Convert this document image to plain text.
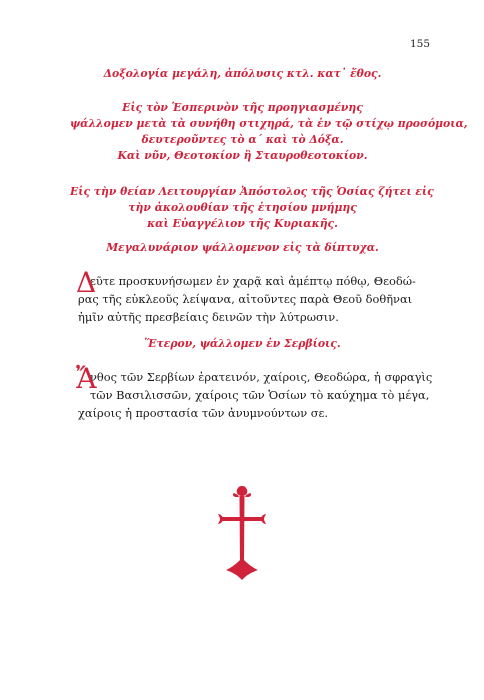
155
Δοξολογία μεγάλη, ἀπόλυσις κτλ. κατ᾿ ἔθος.
Εἰς τὸν Ἑσπερινὸν τῆς προηγιασμένης
ψάλλομεν μετὰ τὰ συνήθη στιχηρά, τὰ ἐν τῷ στίχῳ προσόμοια,
δευτεροῦντες τὸ α´ καὶ τὸ Δόξα.
Καὶ νῦν, Θεοτοκίον ἢ Σταυροθεοτοκίον.
Εἰς τὴν θείαν Λειτουργίαν Ἀπόστολος τῆς Ὁσίας ζήτει εἰς
τὴν ἀκολουθίαν τῆς ἐτησίου μνήμης
καὶ Εὐαγγέλιον τῆς Κυριακῆς.
Μεγαλυνάριον ψάλλομενον εἰς τὰ δίπτυχα.
Δ
εῦτε προσκυνήσωμεν ἐν χαρᾷ καὶ ἀμέπτῳ πόθῳ, Θεοδώ-
ρας τῆς εὐκλεοῦς λείψανα, αἰτοῦντες παρὰ Θεοῦ δοθῆναι
ἡμῖν αὐτῆς πρεσβείαις δεινῶν τὴν λύτρωσιν.
Ἕτερον, ψάλλομεν ἐν Σερβίοις.
Ἄ
νθος τῶν Σερβίων ἐρατεινόν, χαίροις, Θεοδώρα, ἡ σφραγὶς
τῶν Βασιλισσῶν, χαίροις τῶν Ὁσίων τὸ καύχημα τὸ μέγα,
χαίροις ἡ προστασία τῶν ἀνυμνούντων σε.
